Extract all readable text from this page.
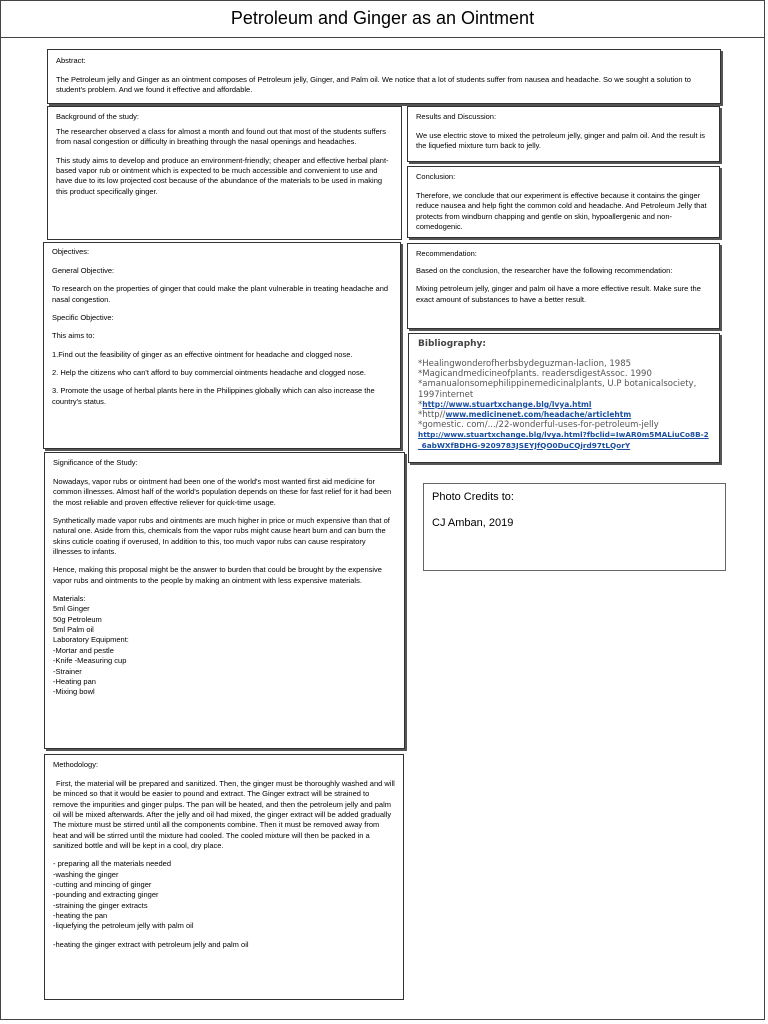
Petroleum and Ginger as an Ointment

Abstract:

The Petroleum jelly and Ginger as an ointment composes of Petroleum jelly, Ginger, and Palm oil. We notice that a lot of students suffer from nausea and headache. So we sought a solution to student's problem. And we found it effective and affordable.

Background of the study:

The researcher observed a class for almost a month and found out that most of the students suffers from nasal congestion or difficulty in breathing through the nasal openings and headaches.

This study aims to develop and produce an environment-friendly; cheaper and effective herbal plant-based vapor rub or ointment which is expected to be much accessible and convenient to use and have due to its low projected cost because of the abundance of the materials to be used in making this product specifically ginger.

Results and Discussion:

We use electric stove to mixed the petroleum jelly, ginger and palm oil. And the result is the liquefied mixture turn back to jelly.

Conclusion:

Therefore, we conclude that our experiment is effective because it contains the ginger reduce nausea and help fight the common cold and headache. And Petroleum Jelly that protects from windburn chapping and gentle on skin, hypoallergenic and non-comedogenic.

Objectives:

General Objective:

To research on the properties of ginger that could make the plant vulnerable in treating headache and nasal congestion.

Specific Objective:

This aims to:

1.Find out the feasibility of ginger as an effective ointment for headache and clogged nose.

2. Help the citizens who can't afford to buy commercial ointments headache and clogged nose.

3. Promote the usage of herbal plants here in the Philippines globally which can also increase the country's status.

Recommendation:

Based on the conclusion, the researcher have the following recommendation:

Mixing petroleum jelly, ginger and palm oil have a more effective result. Make sure the exact amount of substances to have a better result.

Bibliography:
*Healingwonderofherbsbydeguzman-laclion, 1985
*Magicandmedicineofplants. readersdigestAssoc. 1990
*amanualonsomephilippinemedicinalplants, U.P botanicalsociety, 1997internet
*http://www.stuartxchange.blg/lvya.html
*http//www.medicinenet.com/headache/articlehtm
*gomestic. com/.../22-wonderful-uses-for-petroleum-jelly
http://www.stuartxchange.blg/lvya.html?fbclid=IwAR0m5MALiuCo8B-2_6abWXfBDHG-9209783JSEYJfQO0DuCQjrd97tLQorY

Photo Credits to:

CJ Amban, 2019

Significance of the Study:

Nowadays, vapor rubs or ointment had been one of the world's most wanted first aid medicine for common illnesses. Almost half of the world's population depends on these for fast relief for it had been the most reliable and proven effective reliever for quick-time usage.

Synthetically made vapor rubs and ointments are much higher in price or much expensive than that of natural one. Aside from this, chemicals from the vapor rubs might cause heart burn and can burn the skins cuticle coating if overused, In addition to this, too much vapor rubs can cause respiratory illnesses to infants.

Hence, making this proposal might be the answer to burden that could be brought by the expensive vapor rubs and ointments to the people by making an ointment with less expensive materials.

Materials:

5ml Ginger
50g Petroleum
5ml Palm oil

Laboratory Equipment:

-Mortar and pestle
-Knife -Measuring cup
-Strainer
-Heating pan
-Mixing bowl

Methodology:

First, the material will be prepared and sanitized. Then, the ginger must be thoroughly washed and will be minced so that it would be easier to pound and extract. The Ginger extract will be strained to remove the impurities and ginger pulps. The pan will be heated, and then the petroleum jelly and palm oil will be mixed afterwards. After the jelly and oil had mixed, the ginger extract will be added gradually The mixture must be stirred until all the components combine. Then it must be removed away from heat and will be stirred until the mixture had cooled. The cooled mixture will then be packed in a sanitized bottle and will be kept in a cool, dry place.

- preparing all the materials needed
-washing the ginger
-cutting and mincing of ginger
-pounding and extracting ginger
-straining the ginger extracts
-heating the pan
-liquefying the petroleum jelly with palm oil

-heating the ginger extract with petroleum jelly and palm oil
